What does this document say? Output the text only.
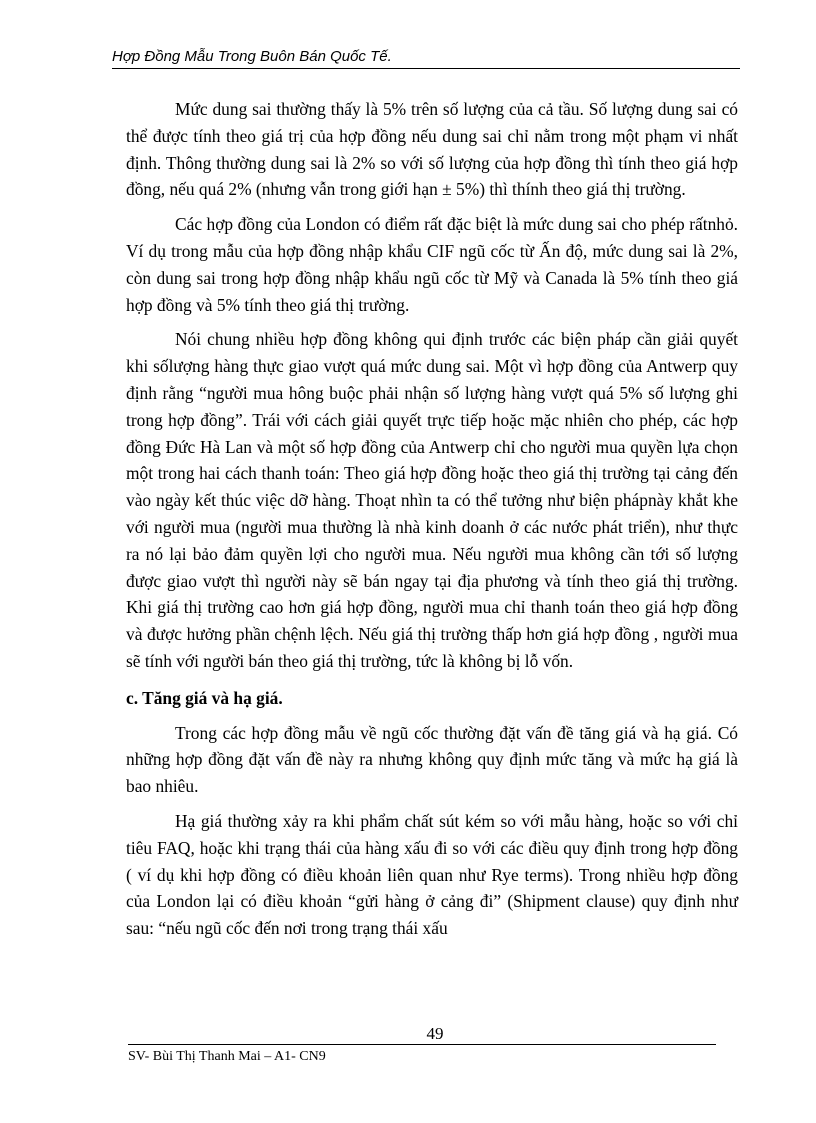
Hợp Đồng Mẫu Trong Buôn Bán Quốc Tế.

Mức dung sai thường thấy là 5% trên số lượng của cả tầu. Số lượng dung sai có thể được tính theo giá trị của hợp đồng nếu dung sai chỉ nằm trong một phạm vi nhất định. Thông thường dung sai là 2% so với số lượng của hợp đồng thì tính theo giá hợp đồng, nếu quá 2% (nhưng vẫn trong giới hạn ± 5%) thì thính theo giá thị trường.

Các hợp đồng của London có điểm rất đặc biệt là mức dung sai cho phép rấtnhỏ. Ví dụ trong mẫu của hợp đồng nhập khẩu CIF ngũ cốc từ Ấn độ, mức dung sai là 2%, còn dung sai trong hợp đồng nhập khẩu ngũ cốc từ Mỹ và Canada là 5% tính theo giá hợp đồng và 5% tính theo giá thị trường.

Nói chung nhiều hợp đồng không qui định trước các biện pháp cần giải quyết khi sốlượng hàng thực giao vượt quá mức dung sai. Một vì hợp đồng của Antwerp quy định rằng “người mua hông buộc phải nhận số lượng hàng vượt quá 5% số lượng ghi trong hợp đồng”. Trái với cách giải quyết trực tiếp hoặc mặc nhiên cho phép, các hợp đồng Đức Hà Lan và một số hợp đồng của Antwerp chỉ cho người mua quyền lựa chọn một trong hai cách thanh toán: Theo giá hợp đồng hoặc theo giá thị trường tại cảng đến vào ngày kết thúc việc dỡ hàng. Thoạt nhìn ta có thể tưởng như biện phápnày khắt khe với người mua (người mua thường là nhà kinh doanh ở các nước phát triển), như thực ra nó lại bảo đảm quyền lợi cho người mua. Nếu người mua không cần tới số lượng được giao vượt thì người này sẽ bán ngay tại địa phương và tính theo giá thị trường. Khi giá thị trường cao hơn giá hợp đồng, người mua chỉ thanh toán theo giá hợp đồng và được hưởng phần chệnh lệch. Nếu giá thị trường thấp hơn giá hợp đồng , người mua sẽ tính với người bán theo giá thị trường, tức là không bị lỗ vốn.

c. Tăng giá và hạ giá.

Trong các hợp đồng mẫu về ngũ cốc thường đặt vấn đề tăng giá và hạ giá. Có những hợp đồng đặt vấn đề này ra nhưng không quy định mức tăng và mức hạ giá là bao nhiêu.

Hạ giá thường xảy ra khi phẩm chất sút kém so với mẫu hàng, hoặc so với chỉ tiêu FAQ, hoặc khi trạng thái của hàng xấu đi so với các điều quy định trong hợp đồng ( ví dụ khi hợp đồng có điều khoản liên quan như Rye terms). Trong nhiều hợp đồng của London lại có điều khoản “gửi hàng ở cảng đi” (Shipment clause) quy định như sau: “nếu ngũ cốc đến nơi trong trạng thái xấu

49
SV- Bùi Thị Thanh Mai – A1- CN9
